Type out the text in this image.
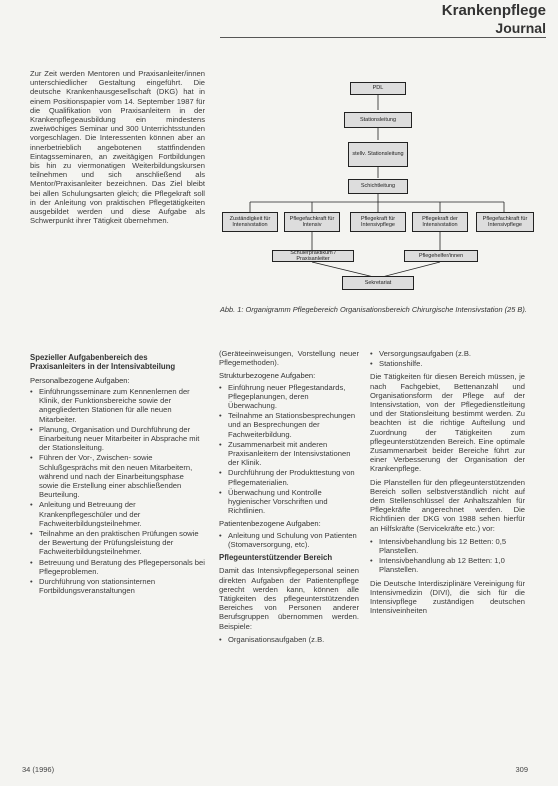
Krankenpflege
Journal

Zur Zeit werden Mentoren und Praxisanleiter/innen unterschiedlicher Gestaltung eingeführt. Die deutsche Krankenhausgesellschaft (DKG) hat in einem Positionspapier vom 14. September 1987 für die Qualifikation von Praxisanleitern in der Krankenpflegeausbildung ein mindestens zweiwöchiges Seminar und 300 Unterrichtsstunden vorgeschlagen. Die Interessenten können aber an innerbetrieblich angebotenen stattfindenden Eintagsseminaren, an zweitägigen Fortbildungen bis hin zu viermonatigen Weiterbildungskursen teilnehmen und sich anschließend als Mentor/Praxisanleiter bezeichnen. Das Ziel bleibt bei allen Schulungsarten gleich; die Pflegekraft soll in der Anleitung von praktischen Pflegetätigkeiten ausgebildet werden und diese Aufgabe als Schwerpunkt ihrer Tätigkeit übernehmen.

PDL
Stationsleitung
stellv. Stationsleitung
Schichtleitung
Zuständigkeit für Intensivstation
Pflegefachkraft für Intensiv
Pflegekraft für Intensivpflege
Pflegekraft der Intensivstation
Pflegefachkraft für Intensivpflege
Schülerpraktikum / Praxisanleiter
Pflegehelfer/innen
Sekretariat
Abb. 1: Organigramm Pflegebereich Organisationsbereich Chirurgische Intensivstation (25 B).
Spezieller Aufgabenbereich des Praxisanleiters in der Intensivabteilung
Personalbezogene Aufgaben:
• Einführungsseminare zum Kennenlernen der Klinik, der Funktionsbereiche sowie der angegliederten Stationen für alle neuen Mitarbeiter.
• Planung, Organisation und Durchführung der Einarbeitung neuer Mitarbeiter in Absprache mit der Stationsleitung.
• Führen der Vor-, Zwischen- sowie Schlußgesprächs mit den neuen Mitarbeitern, während und nach der Einarbeitungsphase sowie die Erstellung einer abschließenden Beurteilung.
• Anleitung und Betreuung der Krankenpflegeschüler und der Fachweiterbildungsteilnehmer.
• Teilnahme an den praktischen Prüfungen sowie der Bewertung der Prüfungsleistung der Fachweiterbildungsteilnehmer.
• Betreuung und Beratung des Pflegepersonals bei Pflegeproblemen.
• Durchführung von stationsinternen Fortbildungsveranstaltungen

(Geräteeinweisungen, Vorstellung neuer Pflegemethoden).

Strukturbezogene Aufgaben:
• Einführung neuer Pflegestandards, Pflegeplanungen, deren Überwachung.
• Teilnahme an Stationsbesprechungen und an Besprechungen der Fachweiterbildung.
• Zusammenarbeit mit anderen Praxisanleitern der Intensivstationen der Klinik.
• Durchführung der Produkttestung von Pflegematerialien.
• Überwachung und Kontrolle hygienischer Vorschriften und Richtlinien.
Patientenbezogene Aufgaben:
• Anleitung und Schulung von Patienten (Stomaversorgung, etc).
Pflegeunterstützender Bereich

Damit das Intensivpflegepersonal seinen direkten Aufgaben der Patientenpflege gerecht werden kann, können alle Tätigkeiten des pflegeunterstützenden Bereiches von Personen anderer Berufsgruppen übernommen werden. Beispiele:

• Organisationsaufgaben (z.B.
• Versorgungsaufgaben (z.B.
• Stationshilfe.

Die Tätigkeiten für diesen Bereich müssen, je nach Fachgebiet, Bettenanzahl und Organisationsform der Pflege auf der Intensivstation, von der Pflegedienstleitung und der Stationsleitung bestimmt werden. Zu beachten ist die richtige Aufteilung und Zuordnung der Tätigkeiten zum pflegeunterstützenden Bereich. Eine optimale Zusammenarbeit beider Bereiche führt zur einer Verbesserung der Organisation der Krankenpflege.

Die Planstellen für den pflegeunterstützenden Bereich sollen selbstverständlich nicht auf dem Stellenschlüssel der Anhaltszahlen für Pflegekräfte angerechnet werden. Die Richtlinien der DKG von 1988 sehen hierfür an Hilfskräfte (Servicekräfte etc.) vor:

• Intensivbehandlung bis 12 Betten: 0,5 Planstellen.
• Intensivbehandlung ab 12 Betten: 1,0 Planstellen.

Die Deutsche Interdisziplinäre Vereinigung für Intensivmedizin (DIVI), die sich für die Intensivpflege zuständigen deutschen Intensiveinheiten

34 (1996)	309
